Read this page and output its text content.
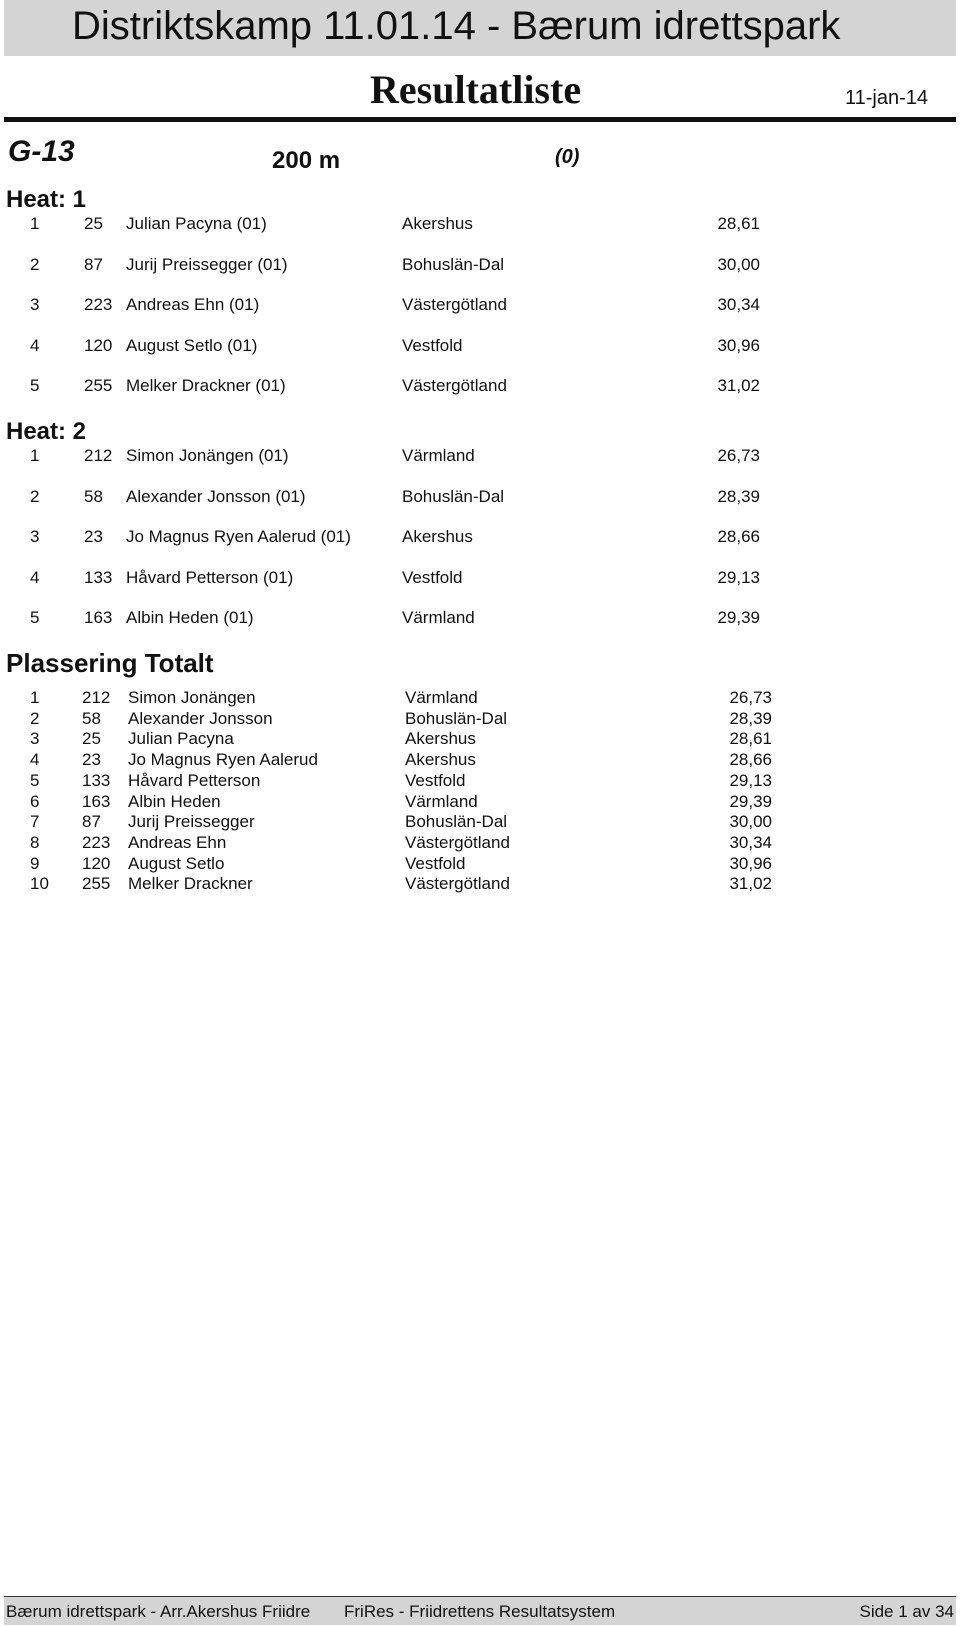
Distriktskamp 11.01.14 - Bærum idrettspark
Resultatliste	11-jan-14
G-13	200 m	(0)
Heat: 1
1	25 Julian Pacyna (01)	Akershus	28,61
2	87 Jurij Preissegger (01)	Bohuslän-Dal	30,00
3	223 Andreas Ehn (01)	Västergötland	30,34
4	120 August Setlo (01)	Vestfold	30,96
5	255 Melker Drackner (01)	Västergötland	31,02
Heat: 2
1	212 Simon Jonängen (01)	Värmland	26,73
2	58 Alexander Jonsson (01)	Bohuslän-Dal	28,39
3	23 Jo Magnus Ryen Aalerud (01)	Akershus	28,66
4	133 Håvard Petterson (01)	Vestfold	29,13
5	163 Albin Heden (01)	Värmland	29,39
Plassering Totalt
1	212 Simon Jonängen	Värmland	26,73
2	58 Alexander Jonsson	Bohuslän-Dal	28,39
3	25 Julian Pacyna	Akershus	28,61
4	23 Jo Magnus Ryen Aalerud	Akershus	28,66
5	133 Håvard Petterson	Vestfold	29,13
6	163 Albin Heden	Värmland	29,39
7	87 Jurij Preissegger	Bohuslän-Dal	30,00
8	223 Andreas Ehn	Västergötland	30,34
9	120 August Setlo	Vestfold	30,96
10 255 Melker Drackner	Västergötland	31,02
Bærum idrettspark - Arr.Akershus Friidre FriRes - Friidrettens Resultatsystem	Side 1 av 34
